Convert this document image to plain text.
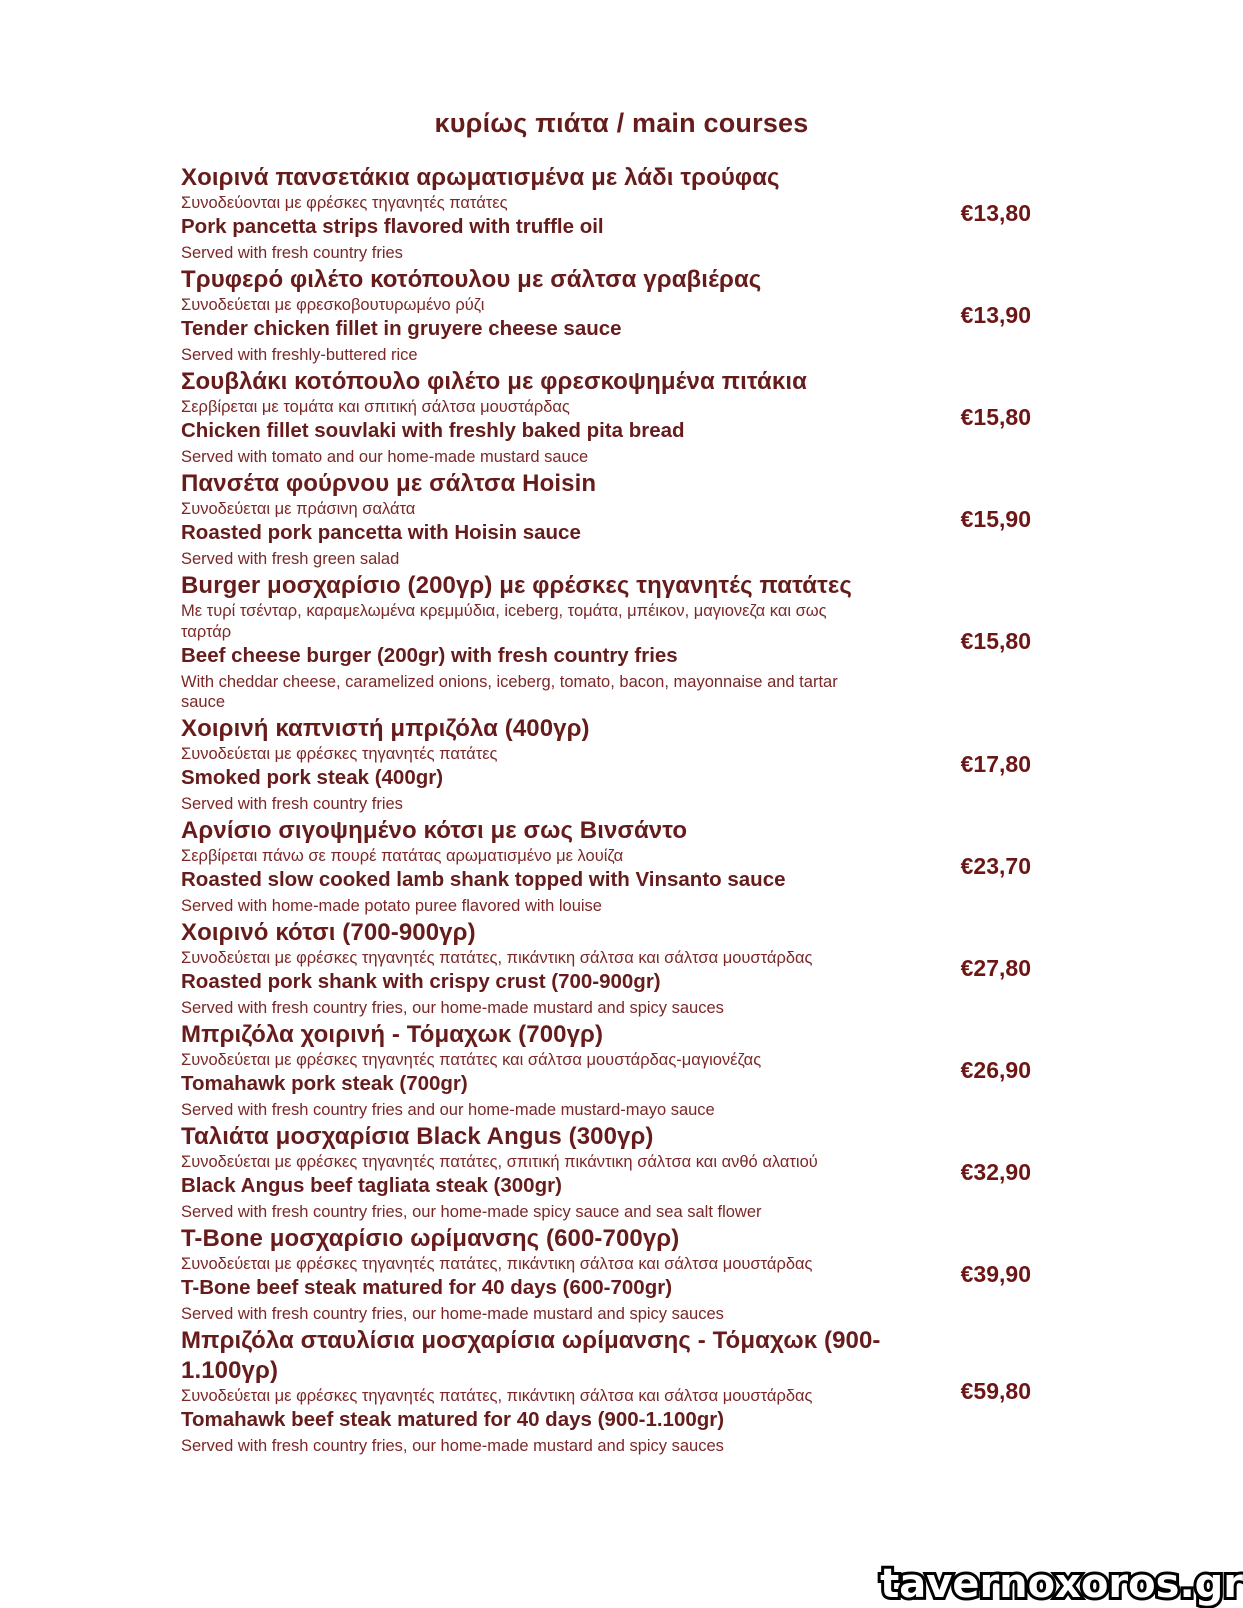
κυρίως πιάτα / main courses
Χοιρινά πανσετάκια αρωματισμένα με λάδι τρούφας
Συνοδεύονται με φρέσκες τηγανητές πατάτες
Pork pancetta strips flavored with truffle oil
Served with fresh country fries
€13,80
Τρυφερό φιλέτο κοτόπουλου με σάλτσα γραβιέρας
Συνοδεύεται με φρεσκοβουτυρωμένο ρύζι
Tender chicken fillet in gruyere cheese sauce
Served with freshly-buttered rice
€13,90
Σουβλάκι κοτόπουλο φιλέτο με φρεσκοψημένα πιτάκια
Σερβίρεται με τομάτα και σπιτική σάλτσα μουστάρδας
Chicken fillet souvlaki with freshly baked pita bread
Served with tomato and our home-made mustard sauce
€15,80
Πανσέτα φούρνου με σάλτσα Hoisin
Συνοδεύεται με πράσινη σαλάτα
Roasted pork pancetta with Hoisin sauce
Served with fresh green salad
€15,90
Burger μοσχαρίσιο (200γρ) με φρέσκες τηγανητές πατάτες
Με τυρί τσένταρ, καραμελωμένα κρεμμύδια, iceberg, τομάτα, μπέικον, μαγιονεζα και σως ταρτάρ
Beef cheese burger (200gr) with fresh country fries
With cheddar cheese, caramelized onions, iceberg, tomato, bacon, mayonnaise and tartar sauce
€15,80
Χοιρινή καπνιστή μπριζόλα (400γρ)
Συνοδεύεται με φρέσκες τηγανητές πατάτες
Smoked pork steak (400gr)
Served with fresh country fries
€17,80
Αρνίσιο σιγοψημένο κότσι με σως Βινσάντο
Σερβίρεται πάνω σε πουρέ πατάτας αρωματισμένο με λουίζα
Roasted slow cooked lamb shank topped with Vinsanto sauce
Served with home-made potato puree flavored with louise
€23,70
Χοιρινό κότσι (700-900γρ)
Συνοδεύεται με φρέσκες τηγανητές πατάτες, πικάντικη σάλτσα και σάλτσα μουστάρδας
Roasted pork shank with crispy crust (700-900gr)
Served with fresh country fries, our home-made mustard and spicy sauces
€27,80
Μπριζόλα χοιρινή - Τόμαχωκ (700γρ)
Συνοδεύεται με φρέσκες τηγανητές πατάτες και σάλτσα μουστάρδας-μαγιονέζας
Tomahawk pork steak (700gr)
Served with fresh country fries and our home-made mustard-mayo sauce
€26,90
Ταλιάτα μοσχαρίσια Black Angus (300γρ)
Συνοδεύεται με φρέσκες τηγανητές πατάτες, σπιτική πικάντικη σάλτσα και ανθό αλατιού
Black Angus beef tagliata steak (300gr)
Served with fresh country fries, our home-made spicy sauce and sea salt flower
€32,90
T-Bone μοσχαρίσιο ωρίμανσης (600-700γρ)
Συνοδεύεται με φρέσκες τηγανητές πατάτες, πικάντικη σάλτσα και σάλτσα μουστάρδας
T-Bone beef steak matured for 40 days (600-700gr)
Served with fresh country fries, our home-made mustard and spicy sauces
€39,90
Μπριζόλα σταυλίσια μοσχαρίσια ωρίμανσης - Τόμαχωκ (900-1.100γρ)
Συνοδεύεται με φρέσκες τηγανητές πατάτες, πικάντικη σάλτσα και σάλτσα μουστάρδας
Tomahawk beef steak matured for 40 days (900-1.100gr)
Served with fresh country fries, our home-made mustard and spicy sauces
€59,80
tavernoxoros.gr
